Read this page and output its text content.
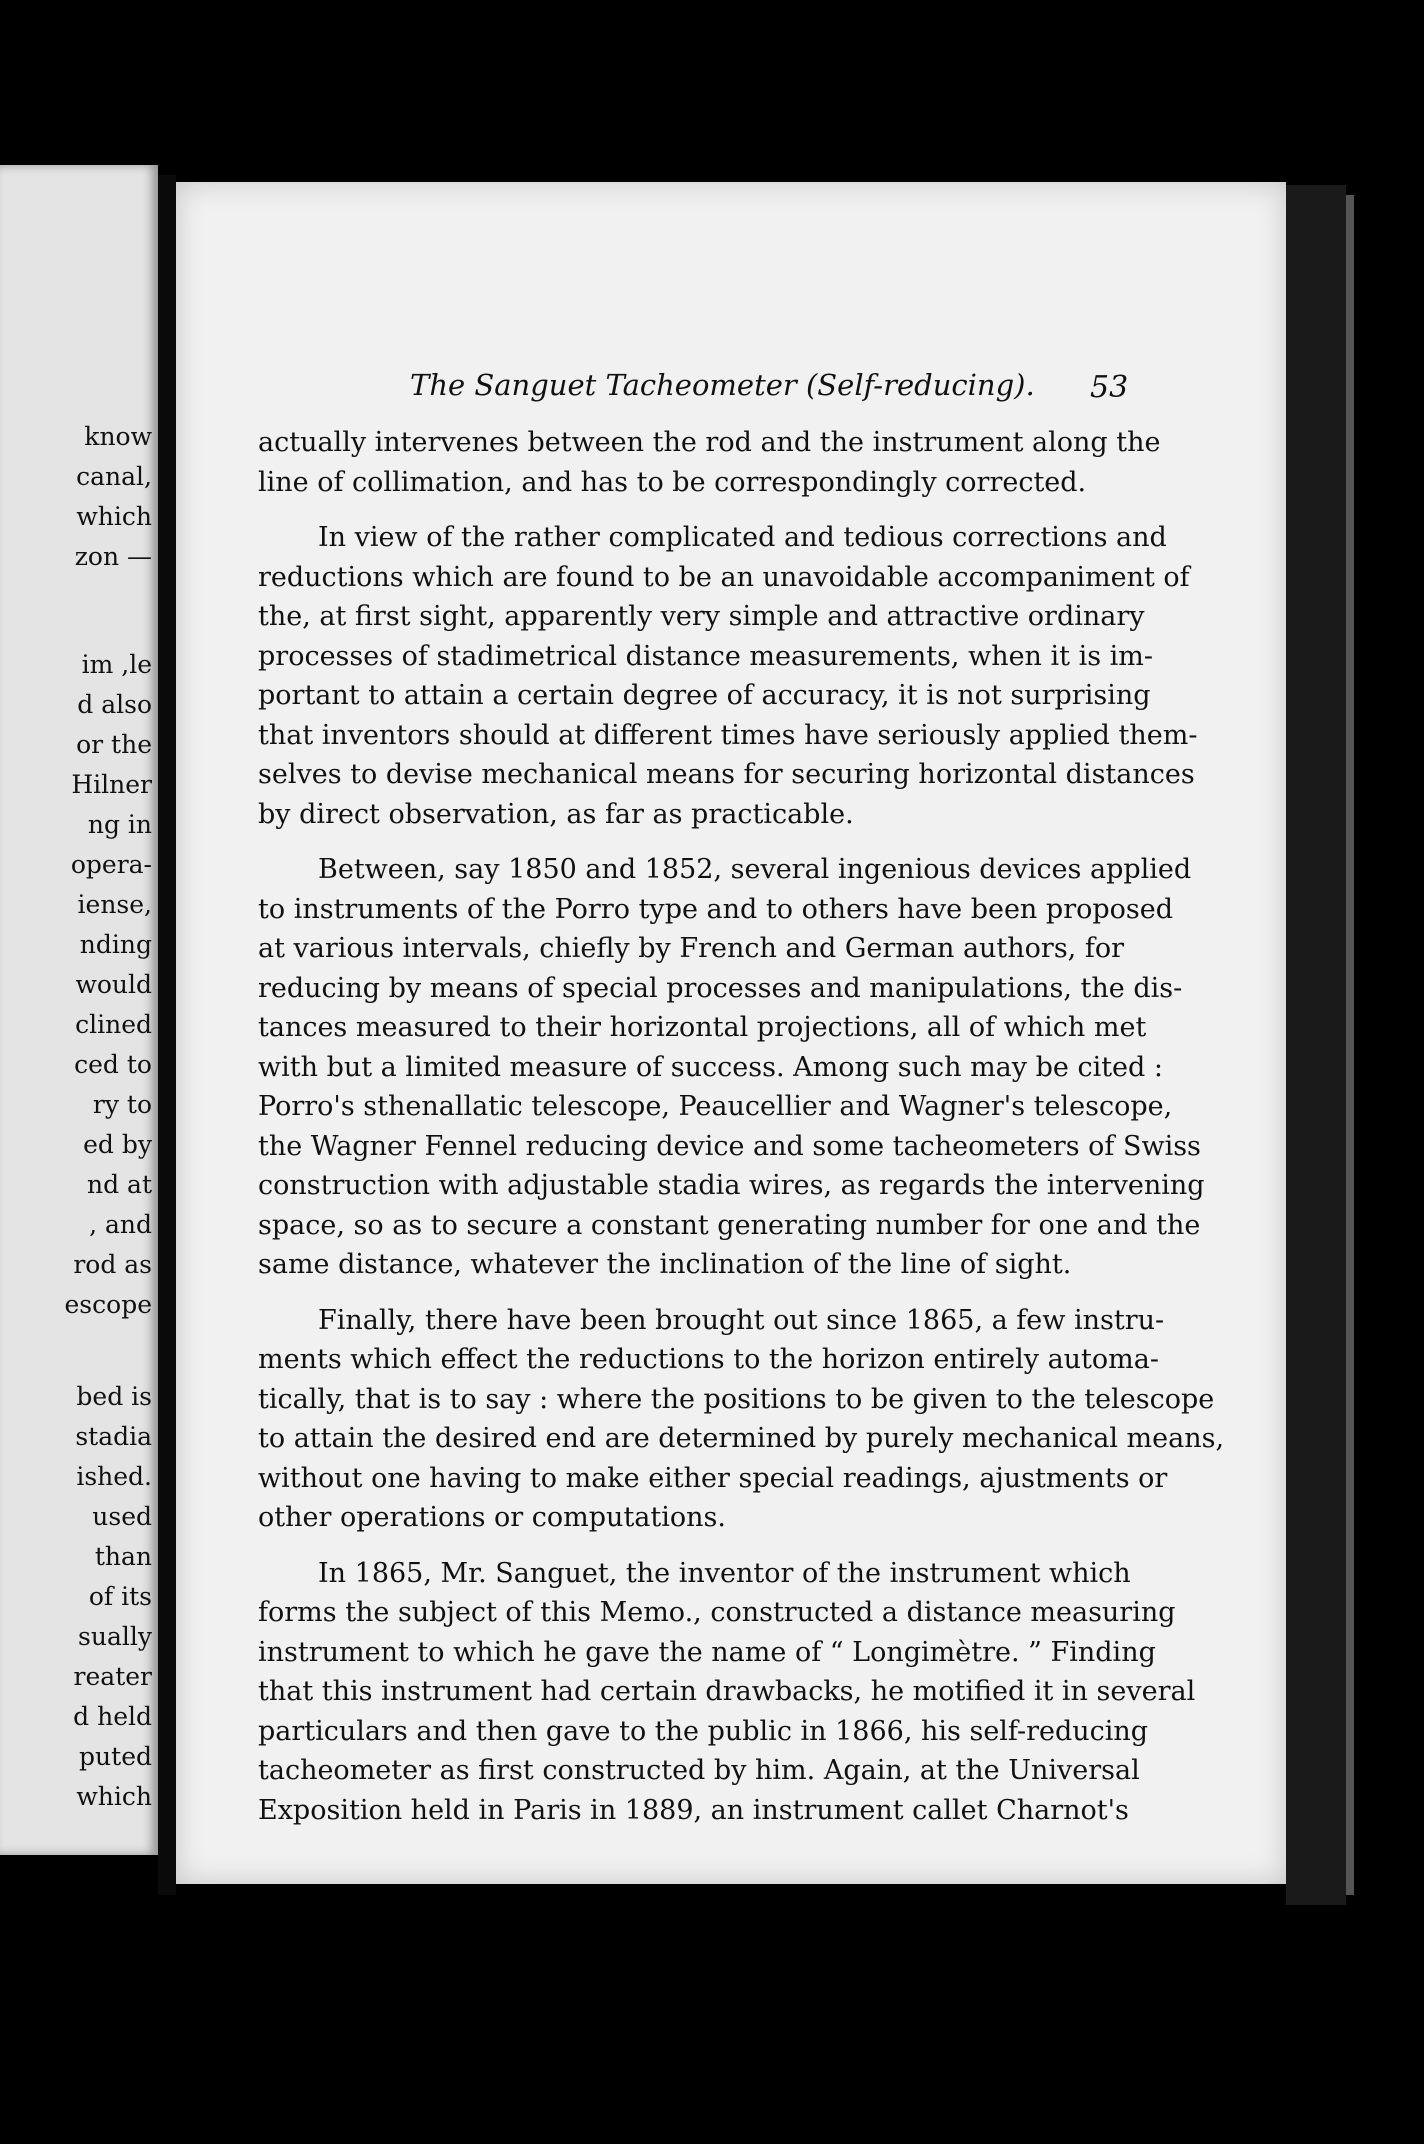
know
canal,
which
zon —
im ,le
d also
or the
Hilner
ng in
opera-
iense,
nding
would
clined
ced to
ry to
ed by
nd at
, and
rod as
escope
bed is
stadia
ished.
used
than
of its
sually
reater
d held
puted
which
The Sanguet Tacheometer (Self-reducing). 53
actually intervenes between the rod and the instrument along the
line of collimation, and has to be correspondingly corrected.
In view of the rather complicated and tedious corrections and
reductions which are found to be an unavoidable accompaniment of
the, at first sight, apparently very simple and attractive ordinary
processes of stadimetrical distance measurements, when it is im-
portant to attain a certain degree of accuracy, it is not surprising
that inventors should at different times have seriously applied them-
selves to devise mechanical means for securing horizontal distances
by direct observation, as far as practicable.
Between, say 1850 and 1852, several ingenious devices applied
to instruments of the Porro type and to others have been proposed
at various intervals, chiefly by French and German authors, for
reducing by means of special processes and manipulations, the dis-
tances measured to their horizontal projections, all of which met
with but a limited measure of success. Among such may be cited :
Porro's sthenallatic telescope, Peaucellier and Wagner's telescope,
the Wagner Fennel reducing device and some tacheometers of Swiss
construction with adjustable stadia wires, as regards the intervening
space, so as to secure a constant generating number for one and the
same distance, whatever the inclination of the line of sight.
Finally, there have been brought out since 1865, a few instru-
ments which effect the reductions to the horizon entirely automa-
tically, that is to say : where the positions to be given to the telescope
to attain the desired end are determined by purely mechanical means,
without one having to make either special readings, ajustments or
other operations or computations.
In 1865, Mr. Sanguet, the inventor of the instrument which
forms the subject of this Memo., constructed a distance measuring
instrument to which he gave the name of “ Longimètre. ” Finding
that this instrument had certain drawbacks, he motified it in several
particulars and then gave to the public in 1866, his self-reducing
tacheometer as first constructed by him. Again, at the Universal
Exposition held in Paris in 1889, an instrument callet Charnot's
